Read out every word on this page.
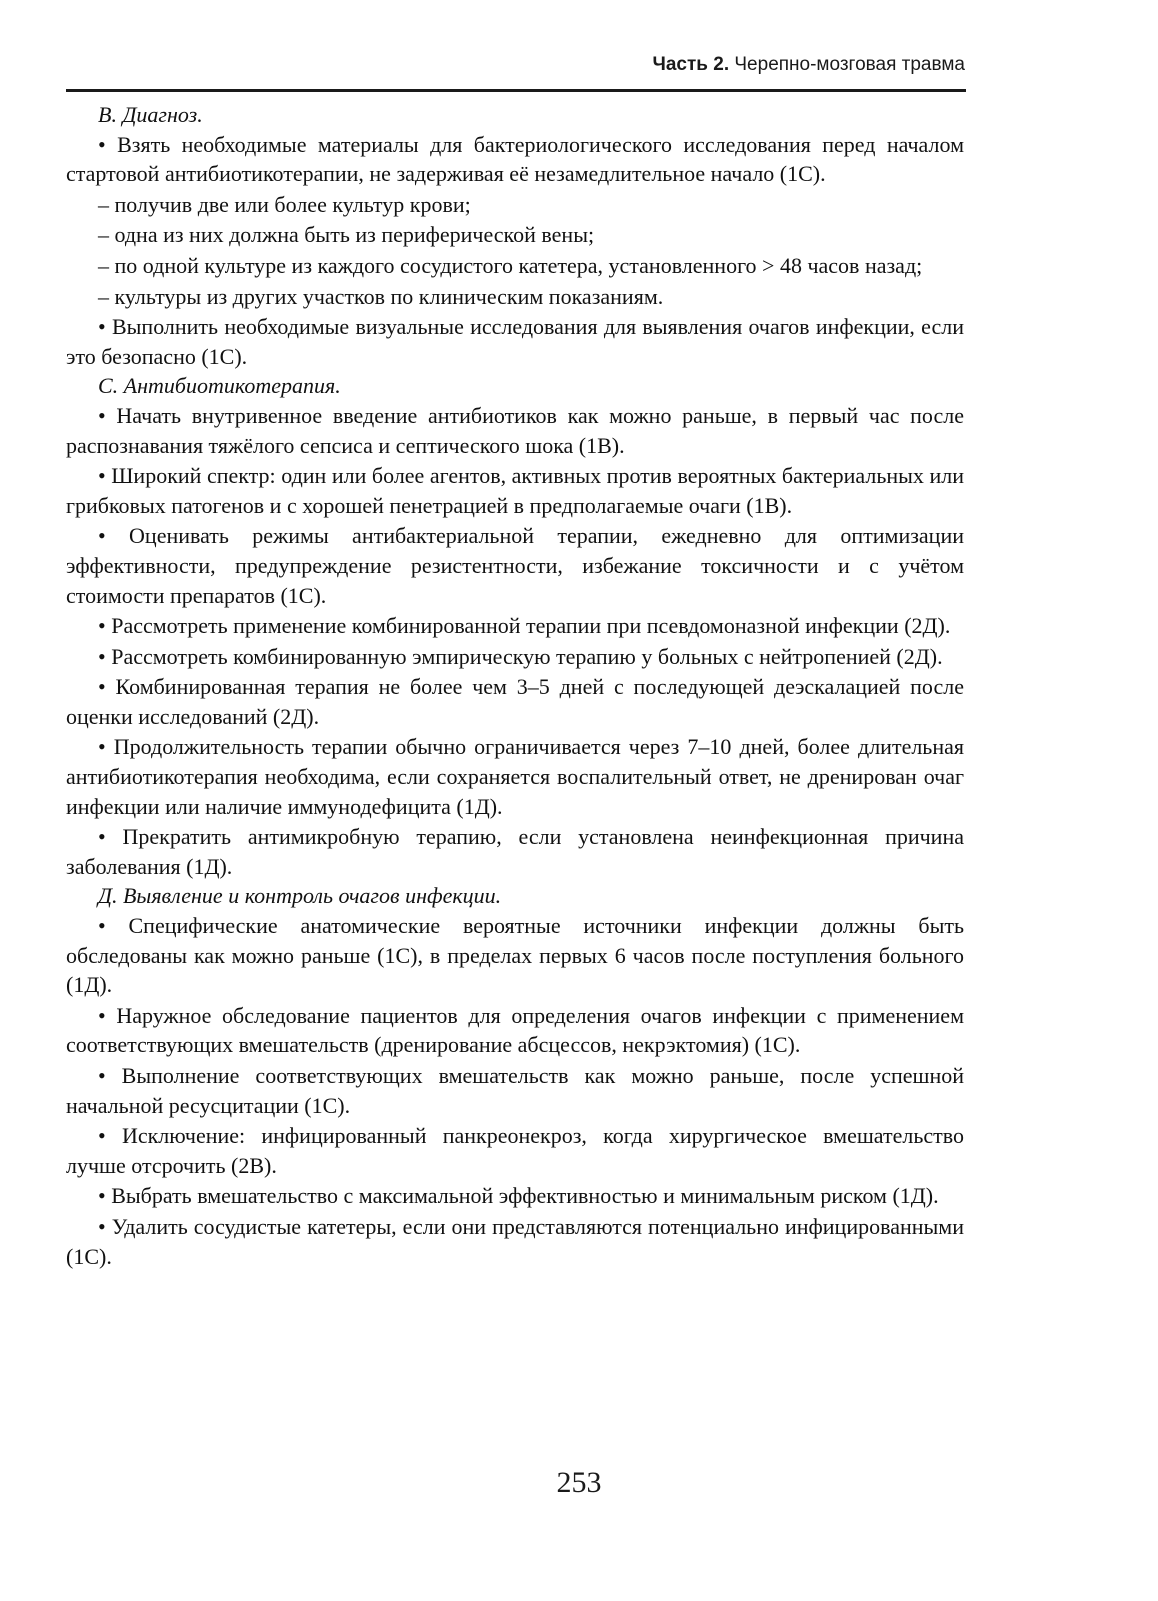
Часть 2. Черепно-мозговая травма

B. Диагноз.

• Взять необходимые материалы для бактериологического исследования перед началом стартовой антибиотикотерапии, не задерживая её незамедлительное начало (1С).

– получив две или более культур крови;

– одна из них должна быть из периферической вены;

– по одной культуре из каждого сосудистого катетера, установленного > 48 часов назад;

– культуры из других участков по клиническим показаниям.

• Выполнить необходимые визуальные исследования для выявления очагов инфекции, если это безопасно (1С).

C. Антибиотикотерапия.

• Начать внутривенное введение антибиотиков как можно раньше, в первый час после распознавания тяжёлого сепсиса и септического шока (1В).

• Широкий спектр: один или более агентов, активных против вероятных бактериальных или грибковых патогенов и с хорошей пенетрацией в предполагаемые очаги (1В).

• Оценивать режимы антибактериальной терапии, ежедневно для оптимизации эффективности, предупреждение резистентности, избежание токсичности и с учётом стоимости препаратов (1С).

• Рассмотреть применение комбинированной терапии при псевдомоназной инфекции (2Д).

• Рассмотреть комбинированную эмпирическую терапию у больных с нейтропенией (2Д).

• Комбинированная терапия не более чем 3–5 дней с последующей деэскалацией после оценки исследований (2Д).

• Продолжительность терапии обычно ограничивается через 7–10 дней, более длительная антибиотикотерапия необходима, если сохраняется воспалительный ответ, не дренирован очаг инфекции или наличие иммунодефицита (1Д).

• Прекратить антимикробную терапию, если установлена неинфекционная причина заболевания (1Д).

Д. Выявление и контроль очагов инфекции.

• Специфические анатомические вероятные источники инфекции должны быть обследованы как можно раньше (1С), в пределах первых 6 часов после поступления больного (1Д).

• Наружное обследование пациентов для определения очагов инфекции с применением соответствующих вмешательств (дренирование абсцессов, некрэктомия) (1С).

• Выполнение соответствующих вмешательств как можно раньше, после успешной начальной ресусцитации (1С).

• Исключение: инфицированный панкреонекроз, когда хирургическое вмешательство лучше отсрочить (2В).

• Выбрать вмешательство с максимальной эффективностью и минимальным риском (1Д).

• Удалить сосудистые катетеры, если они представляются потенциально инфицированными (1С).

253
